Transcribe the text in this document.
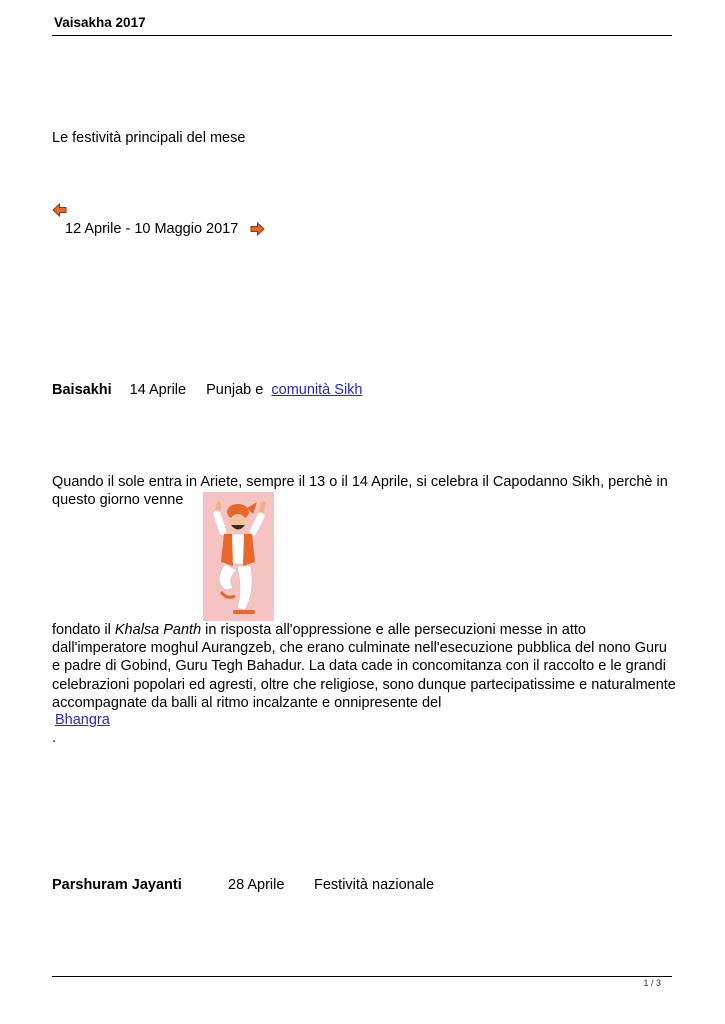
Vaisakha 2017
Le festività principali del mese
12 Aprile - 10 Maggio 2017
Baisakhi 14 Aprile Punjab e comunità Sikh
Quando il sole entra in Ariete, sempre il 13 o il 14 Aprile, si celebra il Capodanno Sikh, perchè in questo giorno venne
fondato il Khalsa Panth in risposta all'oppressione e alle persecuzioni messe in atto dall'imperatore moghul Aurangzeb, che erano culminate nell'esecuzione pubblica del nono Guru e padre di Gobind, Guru Tegh Bahadur. La data cade in concomitanza con il raccolto e le grandi celebrazioni popolari ed agresti, oltre che religiose, sono dunque partecipatissime e naturalmente accompagnate da balli al ritmo incalzante e onnipresente del
Bhangra
.
Parshuram Jayanti	28 Aprile Festività nazionale
1 / 3
